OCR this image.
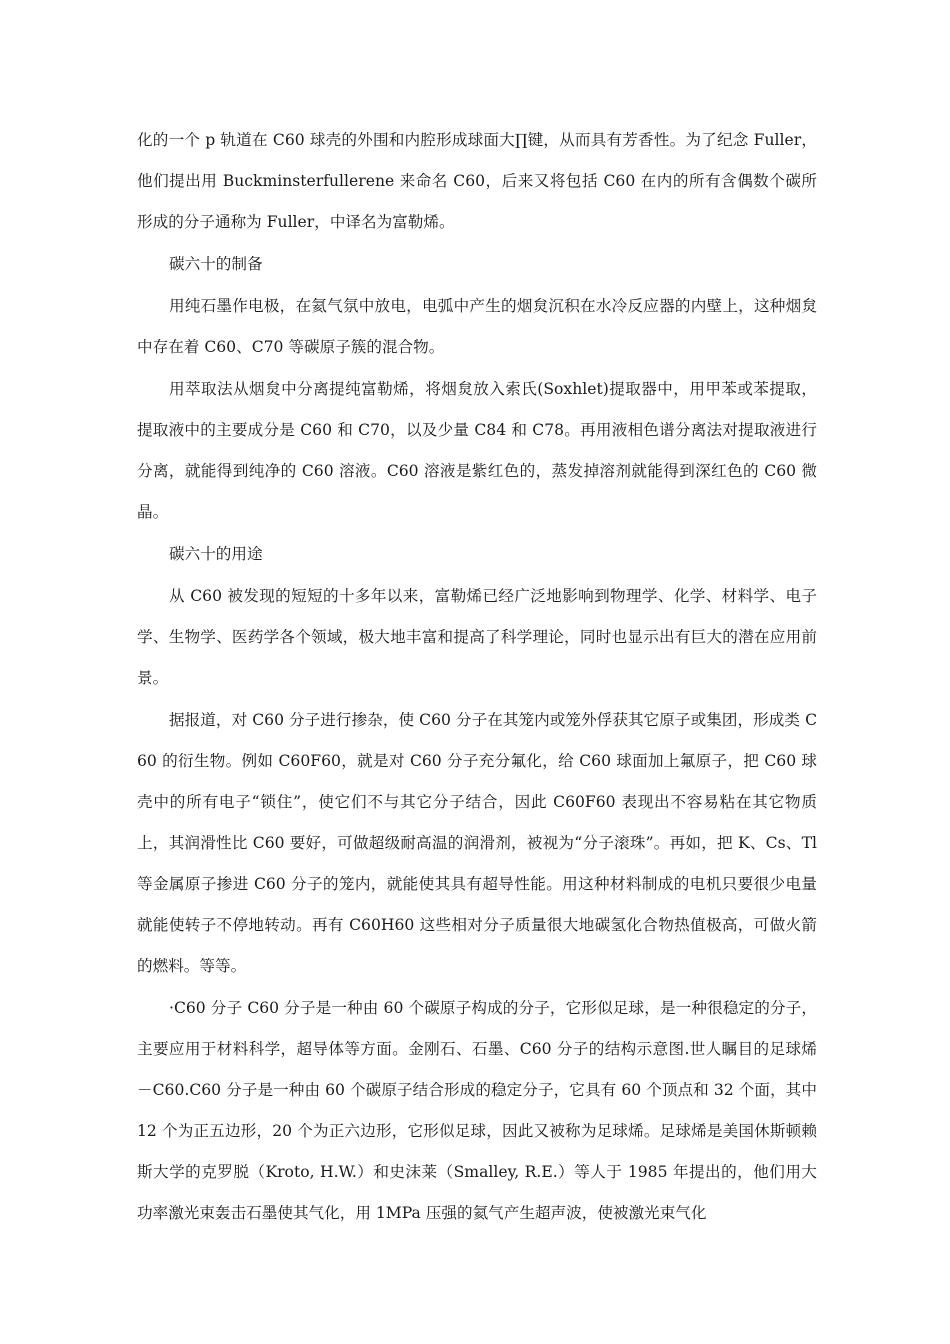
化的一个 p 轨道在 C60 球壳的外围和内腔形成球面大∏键，从而具有芳香性。为了纪念 Fuller，他们提出用 Buckminsterfullerene 来命名 C60，后来又将包括 C60 在内的所有含偶数个碳所形成的分子通称为 Fuller，中译名为富勒烯。

碳六十的制备

用纯石墨作电极，在氦气氛中放电，电弧中产生的烟炱沉积在水冷反应器的内壁上，这种烟炱中存在着 C60、C70 等碳原子簇的混合物。

用萃取法从烟炱中分离提纯富勒烯，将烟炱放入索氏(Soxhlet)提取器中，用甲苯或苯提取，提取液中的主要成分是 C60 和 C70，以及少量 C84 和 C78。再用液相色谱分离法对提取液进行分离，就能得到纯净的 C60 溶液。C60 溶液是紫红色的，蒸发掉溶剂就能得到深红色的 C60 微晶。

碳六十的用途

从 C60 被发现的短短的十多年以来，富勒烯已经广泛地影响到物理学、化学、材料学、电子学、生物学、医药学各个领域，极大地丰富和提高了科学理论，同时也显示出有巨大的潜在应用前景。

据报道，对 C60 分子进行掺杂，使 C60 分子在其笼内或笼外俘获其它原子或集团，形成类 C60 的衍生物。例如 C60F60，就是对 C60 分子充分氟化，给 C60 球面加上氟原子，把 C60 球壳中的所有电子“锁住”，使它们不与其它分子结合，因此 C60F60 表现出不容易粘在其它物质上，其润滑性比 C60 要好，可做超级耐高温的润滑剂，被视为“分子滚珠”。再如，把 K、Cs、Tl 等金属原子掺进 C60 分子的笼内，就能使其具有超导性能。用这种材料制成的电机只要很少电量就能使转子不停地转动。再有 C60H60 这些相对分子质量很大地碳氢化合物热值极高，可做火箭的燃料。等等。

·C60 分子 C60 分子是一种由 60 个碳原子构成的分子，它形似足球，是一种很稳定的分子，主要应用于材料科学，超导体等方面。金刚石、石墨、C60 分子的结构示意图.世人瞩目的足球烯－C60.C60 分子是一种由 60 个碳原子结合形成的稳定分子，它具有 60 个顶点和 32 个面，其中 12 个为正五边形，20 个为正六边形，它形似足球，因此又被称为足球烯。足球烯是美国休斯顿赖斯大学的克罗脱（Kroto, H.W.）和史沫莱（Smalley, R.E.）等人于 1985 年提出的，他们用大功率激光束轰击石墨使其气化，用 1MPa 压强的氦气产生超声波，使被激光束气化
